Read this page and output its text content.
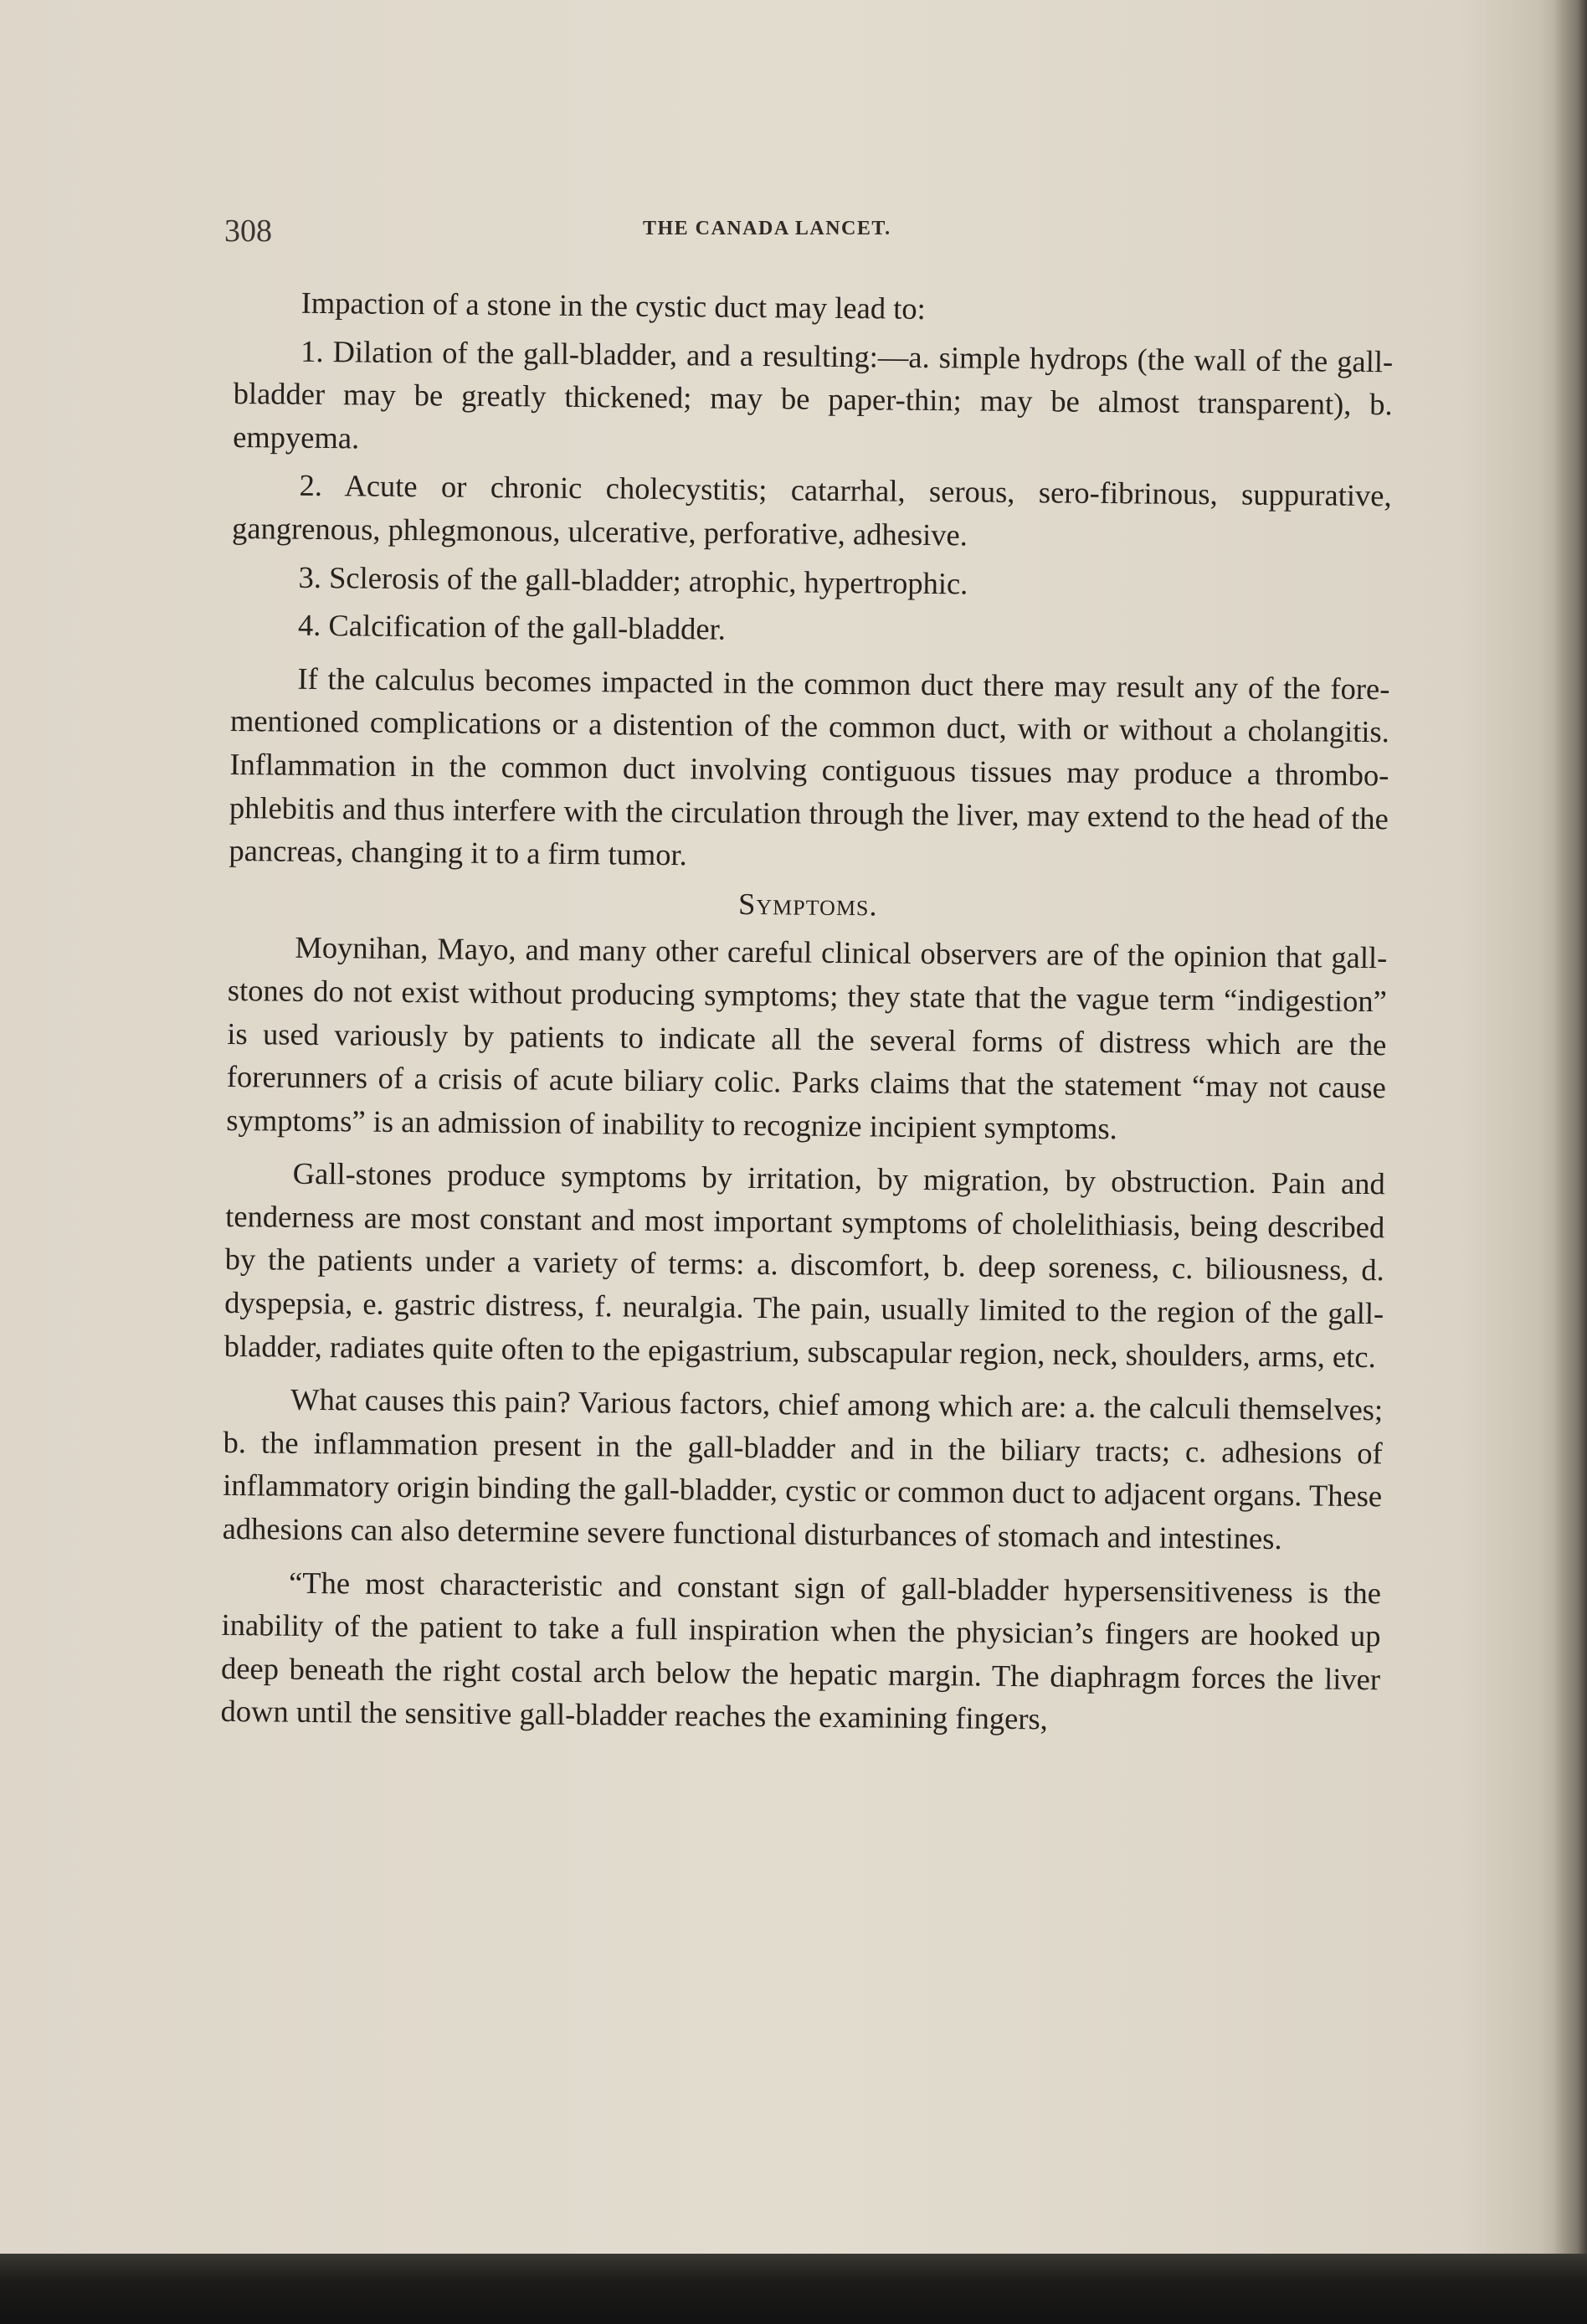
308	THE CANADA LANCET.

Impaction of a stone in the cystic duct may lead to:

1. Dilation of the gall-bladder, and a resulting:—a. simple hydrops (the wall of the gall-bladder may be greatly thickened; may be paper-thin; may be almost transparent), b. empyema.

2. Acute or chronic cholecystitis; catarrhal, serous, sero-fibrinous, suppurative, gangrenous, phlegmonous, ulcerative, perforative, adhesive.

3. Sclerosis of the gall-bladder; atrophic, hypertrophic.

4. Calcification of the gall-bladder.

If the calculus becomes impacted in the common duct there may result any of the fore-mentioned complications or a distention of the common duct, with or without a cholangitis. Inflammation in the common duct involving contiguous tissues may produce a thrombo-phlebitis and thus interfere with the circulation through the liver, may extend to the head of the pancreas, changing it to a firm tumor.

Symptoms.

Moynihan, Mayo, and many other careful clinical observers are of the opinion that gall-stones do not exist without producing symptoms; they state that the vague term “indigestion” is used variously by patients to indicate all the several forms of distress which are the forerunners of a crisis of acute biliary colic. Parks claims that the statement “may not cause symptoms” is an admission of inability to recognize incipient symptoms.

Gall-stones produce symptoms by irritation, by migration, by obstruction. Pain and tenderness are most constant and most important symptoms of cholelithiasis, being described by the patients under a variety of terms: a. discomfort, b. deep soreness, c. biliousness, d. dyspepsia, e. gastric distress, f. neuralgia. The pain, usually limited to the region of the gall-bladder, radiates quite often to the epigastrium, subscapular region, neck, shoulders, arms, etc.

What causes this pain? Various factors, chief among which are: a. the calculi themselves; b. the inflammation present in the gall-bladder and in the biliary tracts; c. adhesions of inflammatory origin binding the gall-bladder, cystic or common duct to adjacent organs. These adhesions can also determine severe functional disturbances of stomach and intestines.

“The most characteristic and constant sign of gall-bladder hypersensitiveness is the inability of the patient to take a full inspiration when the physician’s fingers are hooked up deep beneath the right costal arch below the hepatic margin. The diaphragm forces the liver down until the sensitive gall-bladder reaches the examining fingers,
